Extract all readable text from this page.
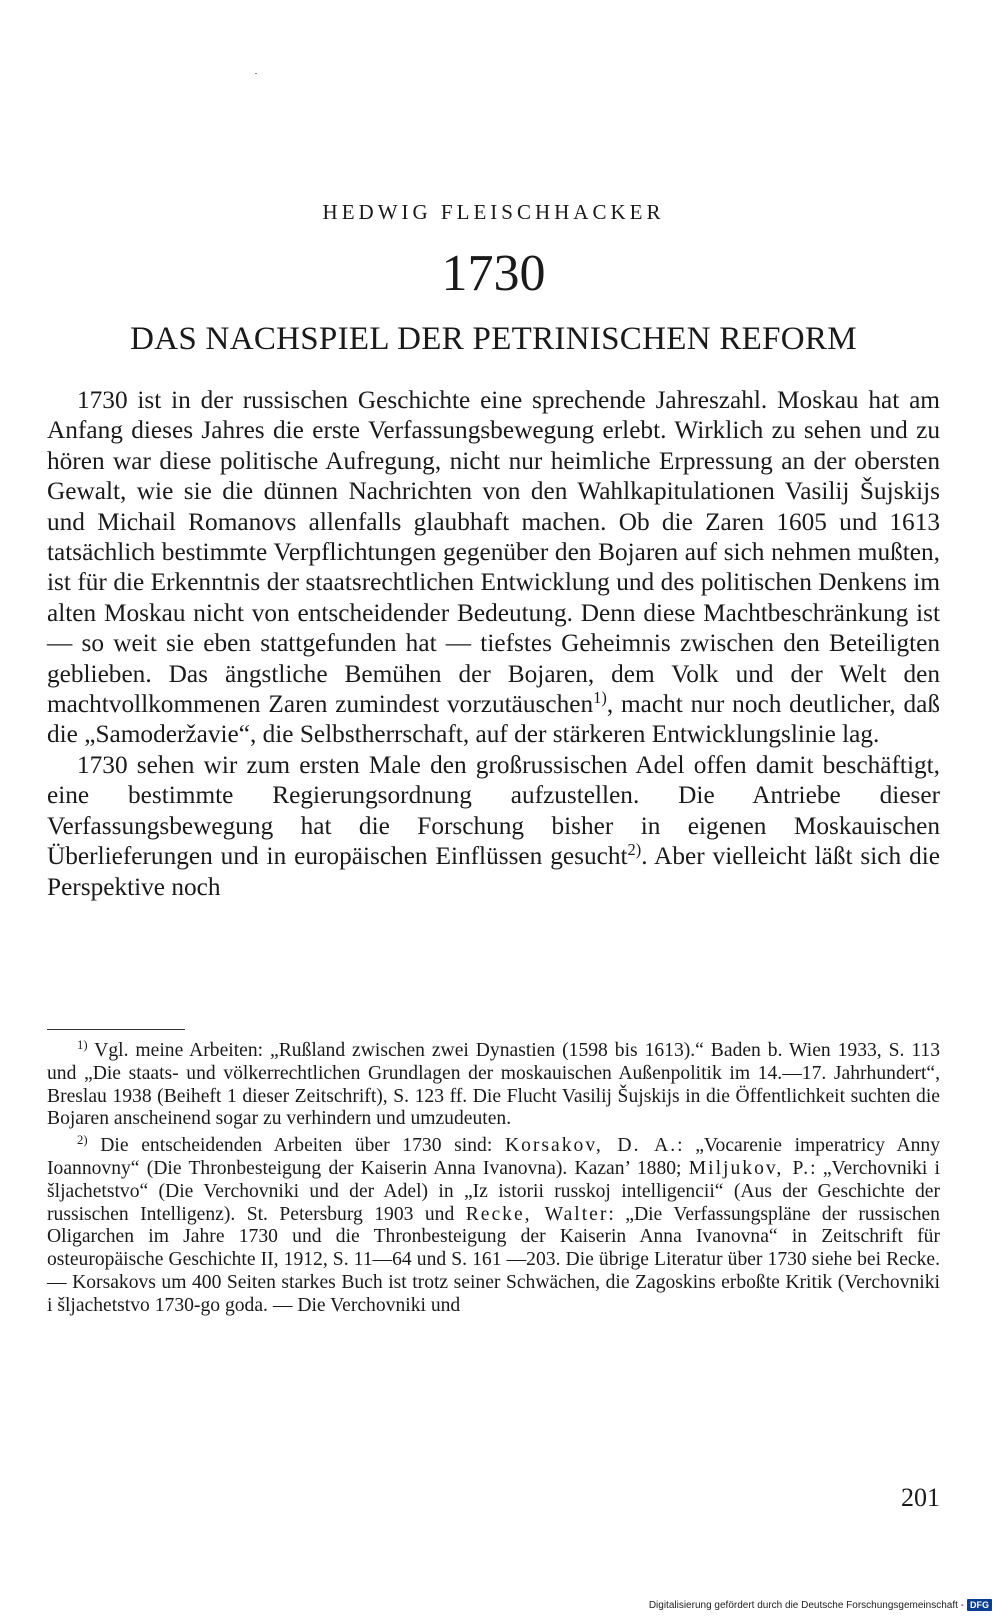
HEDWIG FLEISCHHACKER
1730
DAS NACHSPIEL DER PETRINISCHEN REFORM

1730 ist in der russischen Geschichte eine sprechende Jahreszahl. Moskau hat am Anfang dieses Jahres die erste Verfassungsbewegung erlebt. Wirklich zu sehen und zu hören war diese politische Aufregung, nicht nur heimliche Erpressung an der obersten Gewalt, wie sie die dünnen Nachrichten von den Wahlkapitulationen Vasilij Šujskijs und Michail Romanovs allenfalls glaubhaft machen. Ob die Zaren 1605 und 1613 tatsächlich bestimmte Verpflichtungen gegenüber den Bojaren auf sich nehmen mußten, ist für die Erkenntnis der staatsrechtlichen Entwicklung und des politischen Denkens im alten Moskau nicht von entscheidender Bedeutung. Denn diese Machtbeschränkung ist — so weit sie eben stattgefunden hat — tiefstes Geheimnis zwischen den Beteiligten geblieben. Das ängstliche Bemühen der Bojaren, dem Volk und der Welt den machtvollkommenen Zaren zumindest vorzutäuschen$^{1)}$, macht nur noch deutlicher, daß die „Samoderžavie“, die Selbstherrschaft, auf der stärkeren Entwicklungslinie lag.

1730 sehen wir zum ersten Male den großrussischen Adel offen damit beschäftigt, eine bestimmte Regierungsordnung aufzustellen. Die Antriebe dieser Verfassungsbewegung hat die Forschung bisher in eigenen Moskauischen Überlieferungen und in europäischen Einflüssen gesucht$^{2)}$. Aber vielleicht läßt sich die Perspektive noch

$^{1)}$ Vgl. meine Arbeiten: „Rußland zwischen zwei Dynastien (1598 bis 1613).“ Baden b. Wien 1933, S. 113 und „Die staats- und völkerrechtlichen Grundlagen der moskauischen Außenpolitik im 14.—17. Jahrhundert“, Breslau 1938 (Beiheft 1 dieser Zeitschrift), S. 123 ff. Die Flucht Vasilij Šujskijs in die Öffentlichkeit suchten die Bojaren anscheinend sogar zu verhindern und umzudeuten.

$^{2)}$ Die entscheidenden Arbeiten über 1730 sind: Korsakov, D. A.: „Vocarenie imperatricy Anny Ioannovny“ (Die Thronbesteigung der Kaiserin Anna Ivanovna). Kazan’ 1880; Miljukov, P.: „Verchovniki i šljachetstvo“ (Die Verchovniki und der Adel) in „Iz istorii russkoj intelligencii“ (Aus der Geschichte der russischen Intelligenz). St. Petersburg 1903 und Recke, Walter: „Die Verfassungspläne der russischen Oligarchen im Jahre 1730 und die Thronbesteigung der Kaiserin Anna Ivanovna“ in Zeitschrift für osteuropäische Geschichte II, 1912, S. 11—64 und S. 161 —203. Die übrige Literatur über 1730 siehe bei Recke. — Korsakovs um 400 Seiten starkes Buch ist trotz seiner Schwächen, die Zagoskins erboßte Kritik (Verchovniki i šljachetstvo 1730-go goda. — Die Verchovniki und

201
Digitalisierung gefördert durch die Deutsche Forschungsgemeinschaft - DFG
